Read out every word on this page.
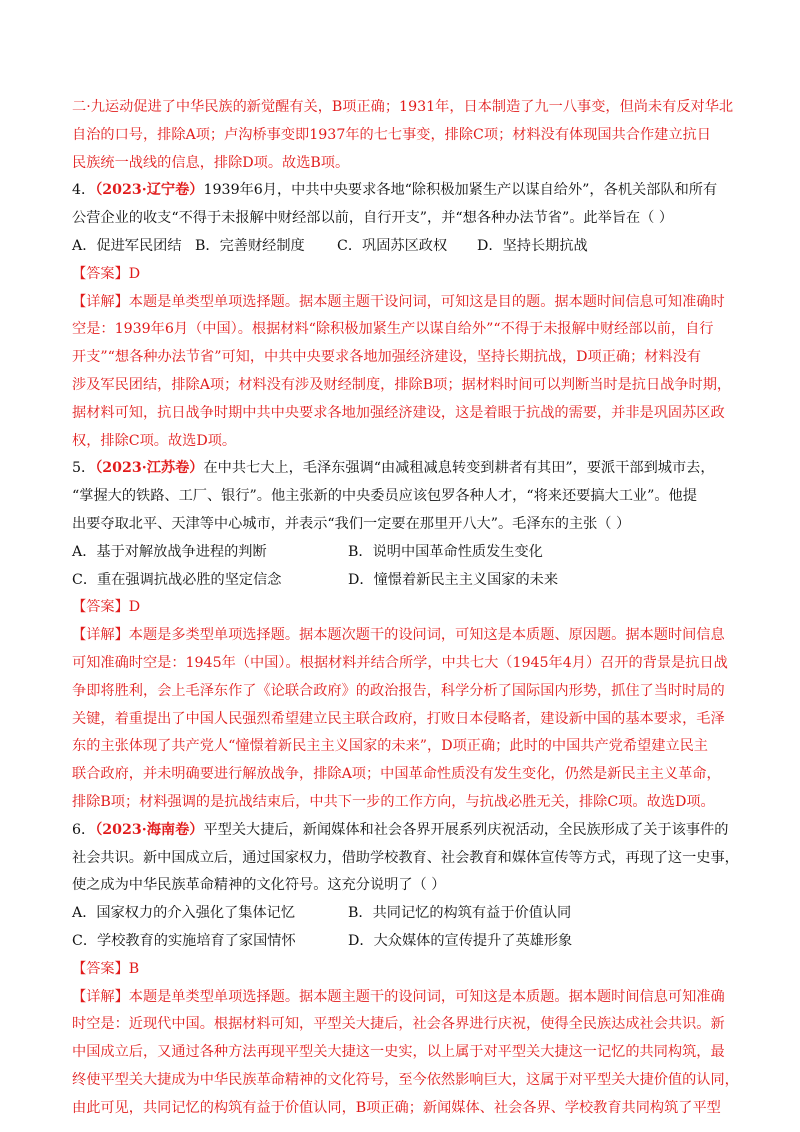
二·九运动促进了中华民族的新觉醒有关，B项正确；1931年，日本制造了九一八事变，但尚未有反对华北
自治的口号，排除A项；卢沟桥事变即1937年的七七事变，排除C项；材料没有体现国共合作建立抗日
民族统一战线的信息，排除D项。故选B项。
4．（2023·辽宁卷）1939年6月，中共中央要求各地“除积极加紧生产以谋自给外”，各机关部队和所有
公营企业的收支“不得于未报解中财经部以前，自行开支”，并“想各种办法节省”。此举旨在（ ）
A．促进军民团结 B．完善财经制度	C．巩固苏区政权	D．坚持长期抗战
【答案】D
【详解】本题是单类型单项选择题。据本题主题干设问词，可知这是目的题。据本题时间信息可知准确时
空是：1939年6月（中国）。根据材料“除积极加紧生产以谋自给外”“不得于未报解中财经部以前，自行
开支”“想各种办法节省”可知，中共中央要求各地加强经济建设，坚持长期抗战，D项正确；材料没有
涉及军民团结，排除A项；材料没有涉及财经制度，排除B项；据材料时间可以判断当时是抗日战争时期，
据材料可知，抗日战争时期中共中央要求各地加强经济建设，这是着眼于抗战的需要，并非是巩固苏区政
权，排除C项。故选D项。
5．（2023·江苏卷）在中共七大上，毛泽东强调“由减租减息转变到耕者有其田”，要派干部到城市去，
“掌握大的铁路、工厂、银行”。他主张新的中央委员应该包罗各种人才，“将来还要搞大工业”。他提
出要夺取北平、天津等中心城市，并表示“我们一定要在那里开八大”。毛泽东的主张（ ）
A．基于对解放战争进程的判断	B．说明中国革命性质发生变化
C．重在强调抗战必胜的坚定信念	D．憧憬着新民主主义国家的未来
【答案】D
【详解】本题是多类型单项选择题。据本题次题干的设问词，可知这是本质题、原因题。据本题时间信息
可知准确时空是：1945年（中国）。根据材料并结合所学，中共七大（1945年4月）召开的背景是抗日战
争即将胜利，会上毛泽东作了《论联合政府》的政治报告，科学分析了国际国内形势，抓住了当时时局的
关键，着重提出了中国人民强烈希望建立民主联合政府，打败日本侵略者，建设新中国的基本要求，毛泽
东的主张体现了共产党人“憧憬着新民主主义国家的未来”，D项正确；此时的中国共产党希望建立民主
联合政府，并未明确要进行解放战争，排除A项；中国革命性质没有发生变化，仍然是新民主主义革命，
排除B项；材料强调的是抗战结束后，中共下一步的工作方向，与抗战必胜无关，排除C项。故选D项。
6．（2023·海南卷）平型关大捷后，新闻媒体和社会各界开展系列庆祝活动，全民族形成了关于该事件的
社会共识。新中国成立后，通过国家权力，借助学校教育、社会教育和媒体宣传等方式，再现了这一史事，
使之成为中华民族革命精神的文化符号。这充分说明了（ ）
A．国家权力的介入强化了集体记忆	B．共同记忆的构筑有益于价值认同
C．学校教育的实施培育了家国情怀	D．大众媒体的宣传提升了英雄形象
【答案】B
【详解】本题是单类型单项选择题。据本题主题干的设问词，可知这是本质题。据本题时间信息可知准确
时空是：近现代中国。根据材料可知，平型关大捷后，社会各界进行庆祝，使得全民族达成社会共识。新
中国成立后，又通过各种方法再现平型关大捷这一史实，以上属于对平型关大捷这一记忆的共同构筑，最
终使平型关大捷成为中华民族革命精神的文化符号，至今依然影响巨大，这属于对平型关大捷价值的认同，
由此可见，共同记忆的构筑有益于价值认同，B项正确；新闻媒体、社会各界、学校教育共同构筑了平型
